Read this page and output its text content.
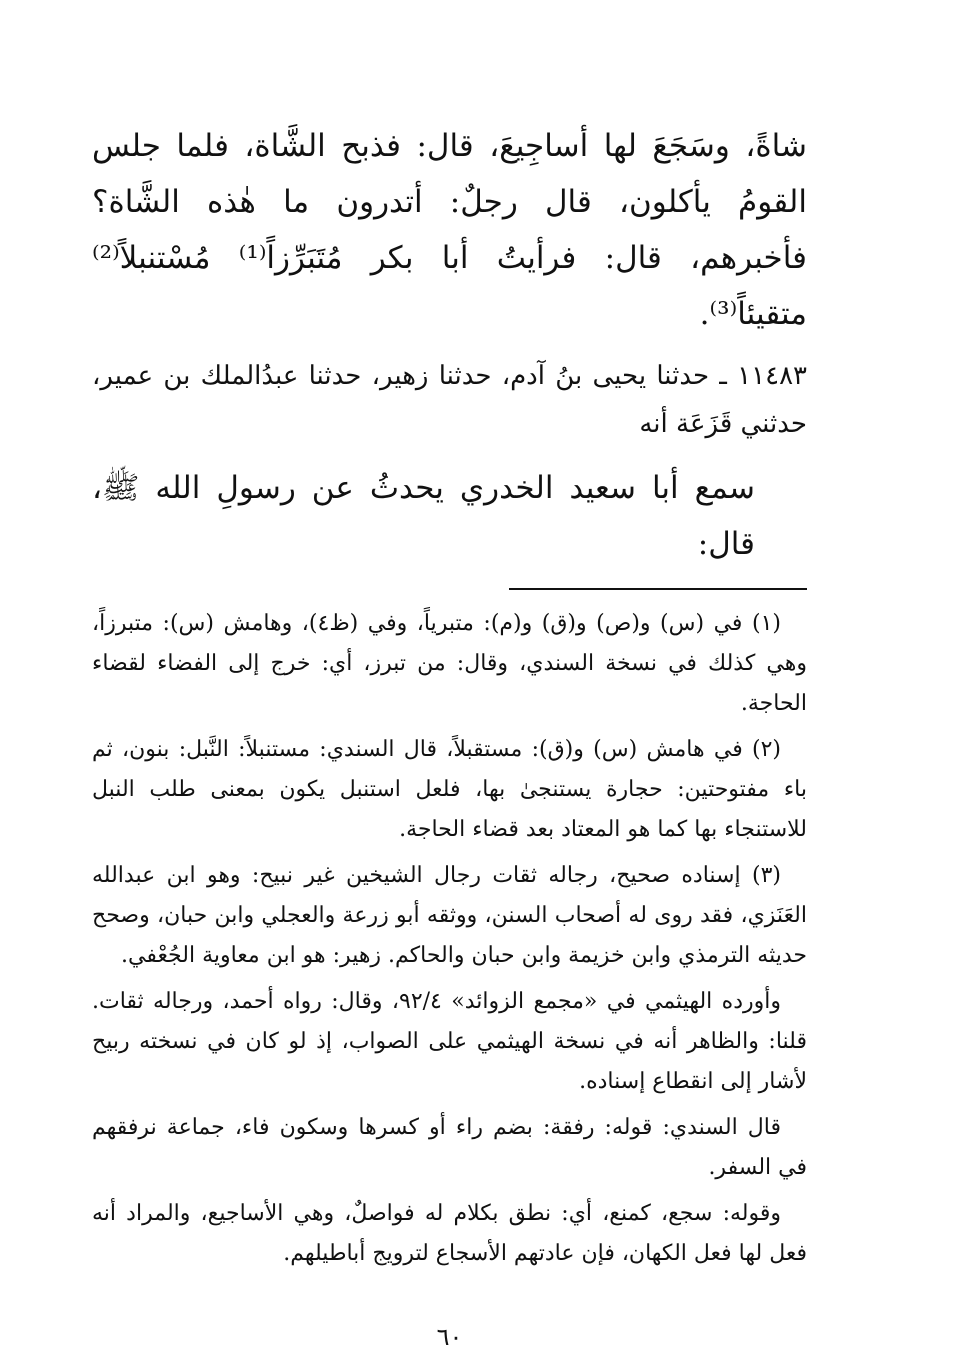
شاةً، وسَجَعَ لها أساجِيعَ، قال: فذبح الشَّاة، فلما جلس القومُ يأكلون، قال رجلٌ: أتدرون ما هٰذه الشَّاة؟ فأخبرهم، قال: فرأيتُ أبا بكر مُتَبَرِّزاً⁽¹⁾ مُسْتنبلاً⁽²⁾ متقيئاً⁽³⁾.

١١٤٨٣ ـ حدثنا يحيى بنُ آدم، حدثنا زهير، حدثنا عبدُالملك بن عمير، حدثني قَزَعَة أنه

سمع أبا سعيد الخدري يحدثُ عن رسولِ الله ﷺ، قال:

(١) في (س) و(ص) و(ق) و(م): متبرياً، وفي (ظ٤)، وهامش (س): متبرزاً، وهي كذلك في نسخة السندي، وقال: من تبرز، أي: خرج إلى الفضاء لقضاء الحاجة.

(٢) في هامش (س) و(ق): مستقبلاً، قال السندي: مستنبلاً: النَّبل: بنون، ثم باء مفتوحتين: حجارة يستنجىٰ بها، فلعل استنبل يكون بمعنى طلب النبل للاستنجاء بها كما هو المعتاد بعد قضاء الحاجة.

(٣) إسناده صحيح، رجاله ثقات رجال الشيخين غير نبيح: وهو ابن عبدالله العَنَزي، فقد روى له أصحاب السنن، ووثقه أبو زرعة والعجلي وابن حبان، وصحح حديثه الترمذي وابن خزيمة وابن حبان والحاكم. زهير: هو ابن معاوية الجُعْفي.

وأورده الهيثمي في «مجمع الزوائد» ٩٢/٤، وقال: رواه أحمد، ورجاله ثقات. قلنا: والظاهر أنه في نسخة الهيثمي على الصواب، إذ لو كان في نسخته ربيح لأشار إلى انقطاع إسناده.

قال السندي: قوله: رفقة: بضم راء أو كسرها وسكون فاء، جماعة نرفقهم في السفر.

وقوله: سجع، كمنع، أي: نطق بكلام له فواصلٌ، وهي الأساجيع، والمراد أنه فعل لها فعل الكهان، فإن عادتهم الأسجاع لترويج أباطيلهم.

٦٠
